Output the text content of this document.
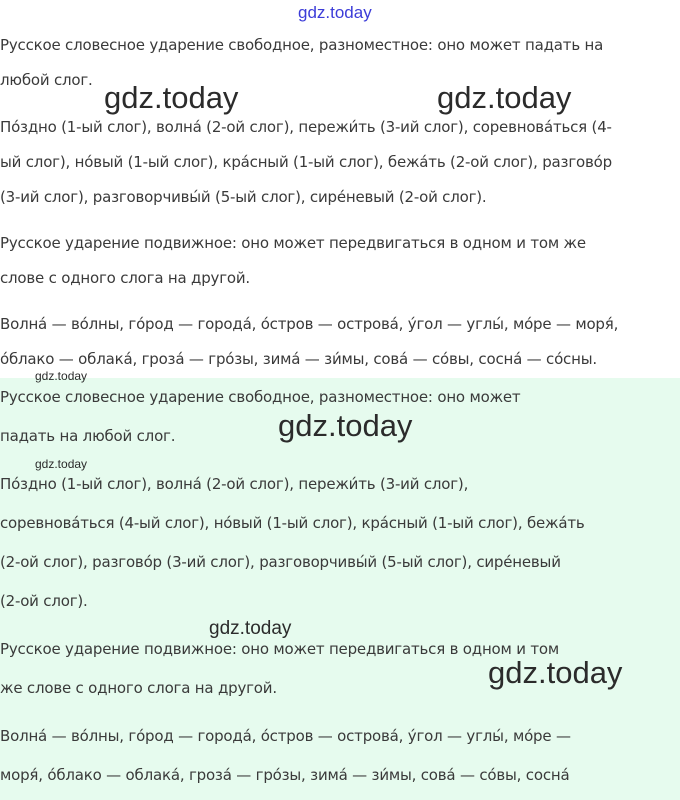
Русское словесное ударение свободное, разноместное: оно может падать на

любой слог.

По́здно (1-ый слог), волна́ (2-ой слог), пережи́ть (3-ий слог), соревнова́ться (4-

ый слог), но́вый (1-ый слог), кра́сный (1-ый слог), бежа́ть (2-ой слог), разгово́р

(3-ий слог), разговорчивы́й (5-ый слог), сире́невый (2-ой слог).

Русское ударение подвижное: оно может передвигаться в одном и том же

слове с одного слога на другой.

Волна́ — во́лны, го́род — города́, о́стров — острова́, у́гол — углы́, мо́ре — моря́,

о́блако — облака́, гроза́ — гро́зы, зима́ — зи́мы, сова́ — со́вы, сосна́ — со́сны.

Русское словесное ударение свободное, разноместное: оно может

падать на любой слог.

По́здно (1-ый слог), волна́ (2-ой слог), пережи́ть (3-ий слог),

соревнова́ться (4-ый слог), но́вый (1-ый слог), кра́сный (1-ый слог), бежа́ть

(2-ой слог), разгово́р (3-ий слог), разговорчивы́й (5-ый слог), сире́невый

(2-ой слог).

Русское ударение подвижное: оно может передвигаться в одном и том

же слове с одного слога на другой.

Волна́ — во́лны, го́род — города́, о́стров — острова́, у́гол — углы́, мо́ре —

моря́, о́блако — облака́, гроза́ — гро́зы, зима́ — зи́мы, сова́ — со́вы, сосна́

gdz.today
gdz.today	gdz.today
gdz.today
gdz.today
gdz.today
gdz.today
gdz.today
